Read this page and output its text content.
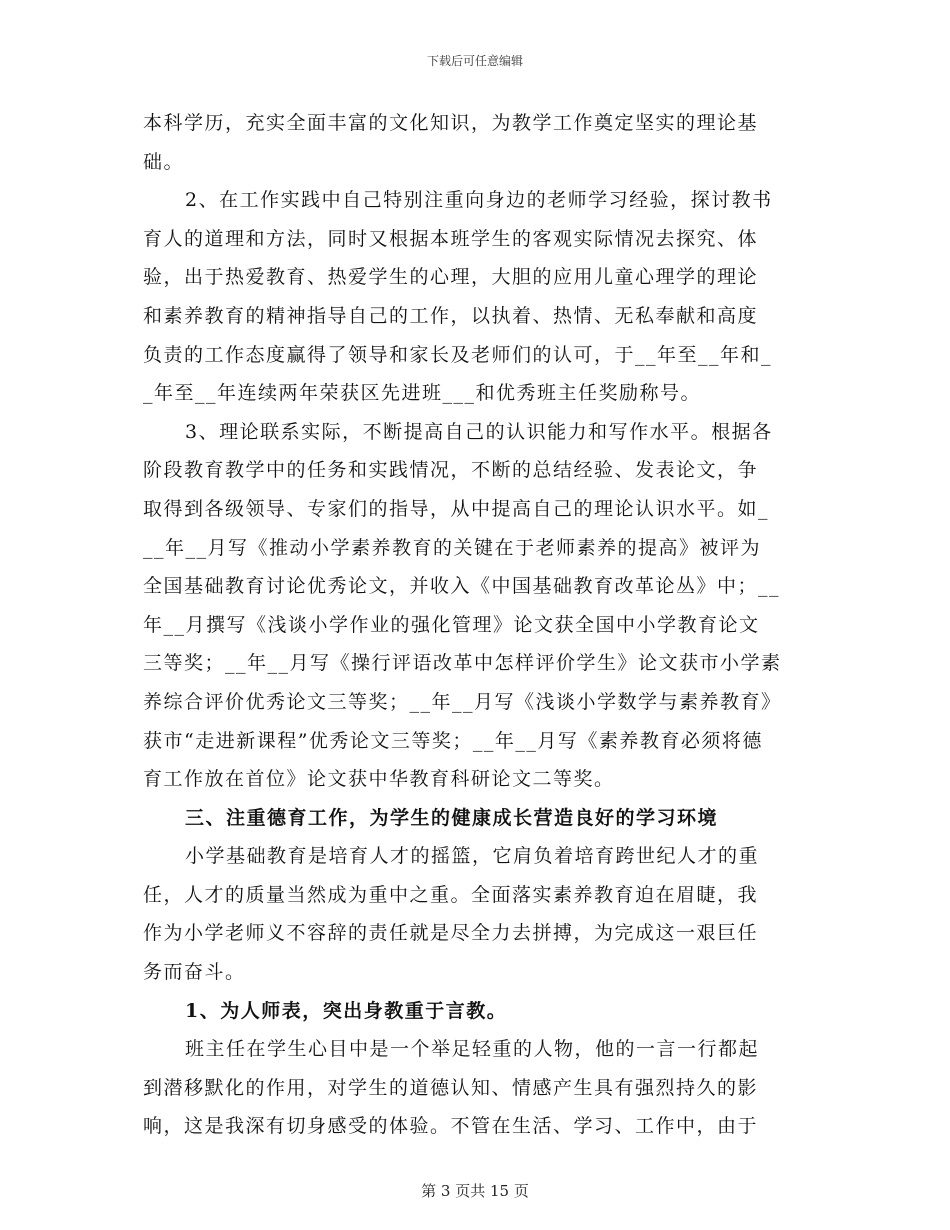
下载后可任意编辑
本科学历，充实全面丰富的文化知识，为教学工作奠定坚实的理论基
础。
2、在工作实践中自己特别注重向身边的老师学习经验，探讨教书
育人的道理和方法，同时又根据本班学生的客观实际情况去探究、体
验，出于热爱教育、热爱学生的心理，大胆的应用儿童心理学的理论
和素养教育的精神指导自己的工作，以执着、热情、无私奉献和高度
负责的工作态度赢得了领导和家长及老师们的认可，于__年至__年和_
_年至__年连续两年荣获区先进班___和优秀班主任奖励称号。
3、理论联系实际，不断提高自己的认识能力和写作水平。根据各
阶段教育教学中的任务和实践情况，不断的总结经验、发表论文，争
取得到各级领导、专家们的指导，从中提高自己的理论认识水平。如_
__年__月写《推动小学素养教育的关键在于老师素养的提高》被评为
全国基础教育讨论优秀论文，并收入《中国基础教育改革论丛》中；__
年__月撰写《浅谈小学作业的强化管理》论文获全国中小学教育论文
三等奖；__年__月写《操行评语改革中怎样评价学生》论文获市小学素
养综合评价优秀论文三等奖；__年__月写《浅谈小学数学与素养教育》
获市“走进新课程”优秀论文三等奖；__年__月写《素养教育必须将德
育工作放在首位》论文获中华教育科研论文二等奖。
三、注重德育工作，为学生的健康成长营造良好的学习环境
小学基础教育是培育人才的摇篮，它肩负着培育跨世纪人才的重
任，人才的质量当然成为重中之重。全面落实素养教育迫在眉睫，我
作为小学老师义不容辞的责任就是尽全力去拼搏，为完成这一艰巨任
务而奋斗。
1、为人师表，突出身教重于言教。
班主任在学生心目中是一个举足轻重的人物，他的一言一行都起
到潜移默化的作用，对学生的道德认知、情感产生具有强烈持久的影
响，这是我深有切身感受的体验。不管在生活、学习、工作中，由于
第 3 页共 15 页
